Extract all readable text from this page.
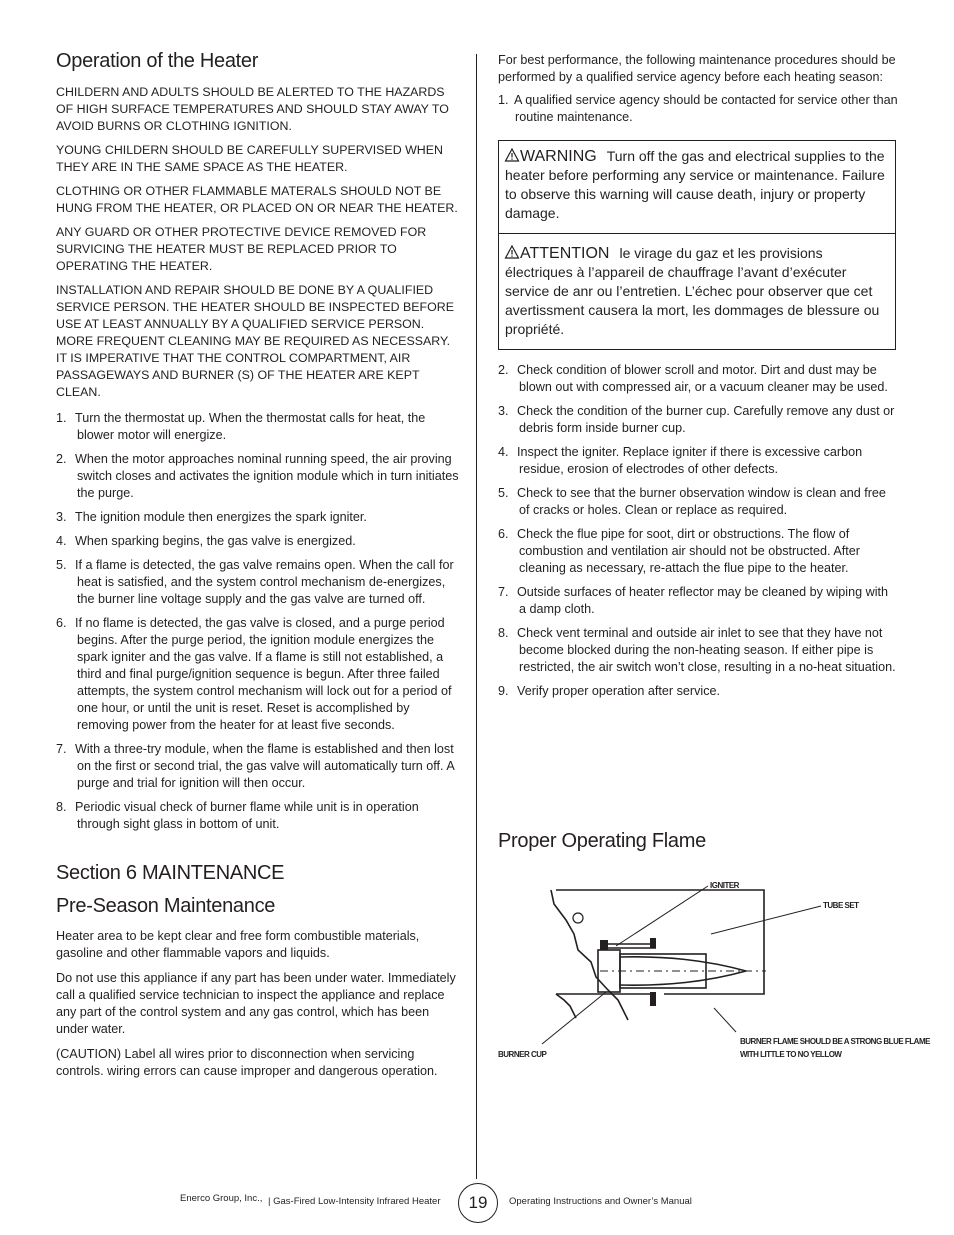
Operation of the Heater

CHILDERN AND ADULTS SHOULD BE ALERTED TO THE HAZARDS OF HIGH SURFACE TEMPERATURES AND SHOULD STAY AWAY TO AVOID BURNS OR CLOTHING IGNITION.

YOUNG CHILDERN SHOULD BE CAREFULLY SUPERVISED WHEN THEY ARE IN THE SAME SPACE AS THE HEATER.

CLOTHING OR OTHER FLAMMABLE MATERALS SHOULD NOT BE HUNG FROM THE HEATER, OR PLACED ON OR NEAR THE HEATER.

ANY GUARD OR OTHER PROTECTIVE DEVICE REMOVED FOR SURVICING THE HEATER MUST BE REPLACED PRIOR TO OPERATING THE HEATER.

INSTALLATION AND REPAIR SHOULD BE DONE BY A QUALIFIED SERVICE PERSON. THE HEATER SHOULD BE INSPECTED BEFORE USE AT LEAST ANNUALLY BY A QUALIFIED SERVICE PERSON. MORE FREQUENT CLEANING MAY BE REQUIRED AS NECESSARY. IT IS IMPERATIVE THAT THE CONTROL COMPARTMENT, AIR PASSAGEWAYS AND BURNER (S) OF THE HEATER ARE KEPT CLEAN.

1. Turn the thermostat up. When the thermostat calls for heat, the blower motor will energize.
2. When the motor approaches nominal running speed, the air proving switch closes and activates the ignition module which in turn initiates the purge.
3. The ignition module then energizes the spark igniter.
4. When sparking begins, the gas valve is energized.
5. If a flame is detected, the gas valve remains open. When the call for heat is satisfied, and the system control mechanism de-energizes, the burner line voltage supply and the gas valve are turned off.
6. If no flame is detected, the gas valve is closed, and a purge period begins. After the purge period, the ignition module energizes the spark igniter and the gas valve. If a flame is still not established, a third and final purge/ignition sequence is begun. After three failed attempts, the system control mechanism will lock out for a period of one hour, or until the unit is reset. Reset is accomplished by removing power from the heater for at least five seconds.
7. With a three-try module, when the flame is established and then lost on the first or second trial, the gas valve will automatically turn off. A purge and trial for ignition will then occur.
8. Periodic visual check of burner flame while unit is in operation through sight glass in bottom of unit.
Section 6 MAINTENANCE
Pre-Season Maintenance

Heater area to be kept clear and free form combustible materials, gasoline and other flammable vapors and liquids.

Do not use this appliance if any part has been under water. Immediately call a qualified service technician to inspect the appliance and replace any part of the control system and any gas control, which has been under water.

(CAUTION) Label all wires prior to disconnection when servicing controls. wiring errors can cause improper and dangerous operation.

For best performance, the following maintenance procedures should be performed by a qualified service agency before each heating season:

1. A qualified service agency should be contacted for service other than routine maintenance.
WARNING Turn off the gas and electrical supplies to the heater before performing any service or maintenance. Failure to observe this warning will cause death, injury or property damage.
ATTENTION le virage du gaz et les provisions électriques à l’appareil de chauffrage l’avant d’exécuter service de anr ou l’entretien. L’échec pour observer que cet avertissment causera la mort, les dommages de blessure ou propriété.
2. Check condition of blower scroll and motor. Dirt and dust may be blown out with compressed air, or a vacuum cleaner may be used.
3. Check the condition of the burner cup. Carefully remove any dust or debris form inside burner cup.
4. Inspect the igniter. Replace igniter if there is excessive carbon residue, erosion of electrodes of other defects.
5. Check to see that the burner observation window is clean and free of cracks or holes. Clean or replace as required.
6. Check the flue pipe for soot, dirt or obstructions. The flow of combustion and ventilation air should not be obstructed. After cleaning as necessary, re-attach the flue pipe to the heater.
7. Outside surfaces of heater reflector may be cleaned by wiping with a damp cloth.
8. Check vent terminal and outside air inlet to see that they have not become blocked during the non-heating season. If either pipe is restricted, the air switch won’t close, resulting in a no-heat situation.
9. Verify proper operation after service.
Proper Operating Flame
IGNITER
TUBE SET
BURNER FLAME SHOULD BE A STRONG BLUE FLAME
WITH LITTLE TO NO YELLOW
BURNER CUP
Enerco Group, Inc., | Gas-Fired Low-Intensity Infrared Heater	19	Operating Instructions and Owner’s Manual
